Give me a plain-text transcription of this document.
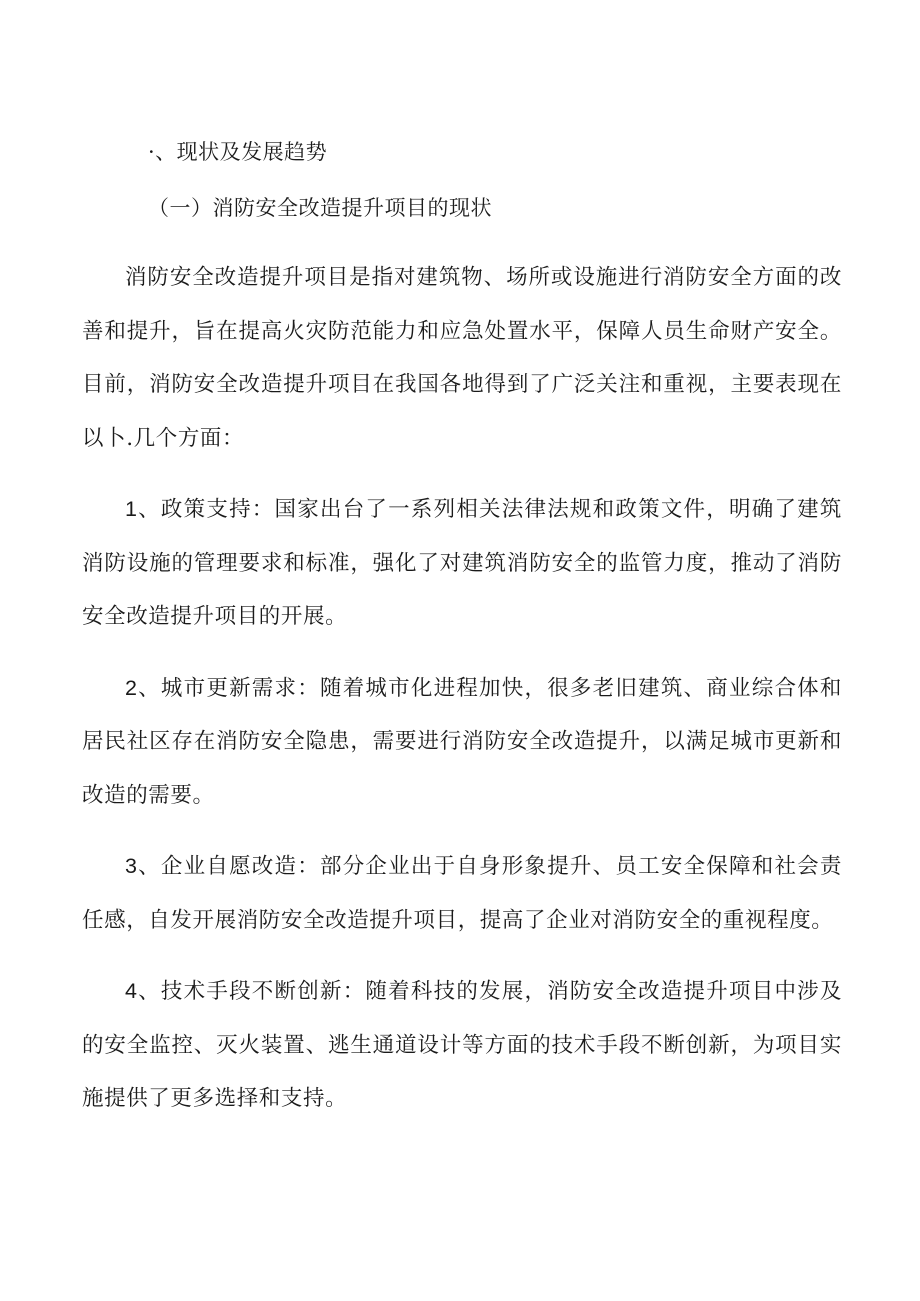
·、现状及发展趋势

（一）消防安全改造提升项目的现状

消防安全改造提升项目是指对建筑物、场所或设施进行消防安全方面的改善和提升，旨在提高火灾防范能力和应急处置水平，保障人员生命财产安全。目前，消防安全改造提升项目在我国各地得到了广泛关注和重视，主要表现在以卜.几个方面：

1、政策支持：国家出台了一系列相关法律法规和政策文件，明确了建筑消防设施的管理要求和标准，强化了对建筑消防安全的监管力度，推动了消防安全改造提升项目的开展。

2、城市更新需求：随着城市化进程加快，很多老旧建筑、商业综合体和居民社区存在消防安全隐患，需要进行消防安全改造提升，以满足城市更新和改造的需要。

3、企业自愿改造：部分企业出于自身形象提升、员工安全保障和社会责任感，自发开展消防安全改造提升项目，提高了企业对消防安全的重视程度。

4、技术手段不断创新：随着科技的发展，消防安全改造提升项目中涉及的安全监控、灭火装置、逃生通道设计等方面的技术手段不断创新，为项目实施提供了更多选择和支持。
